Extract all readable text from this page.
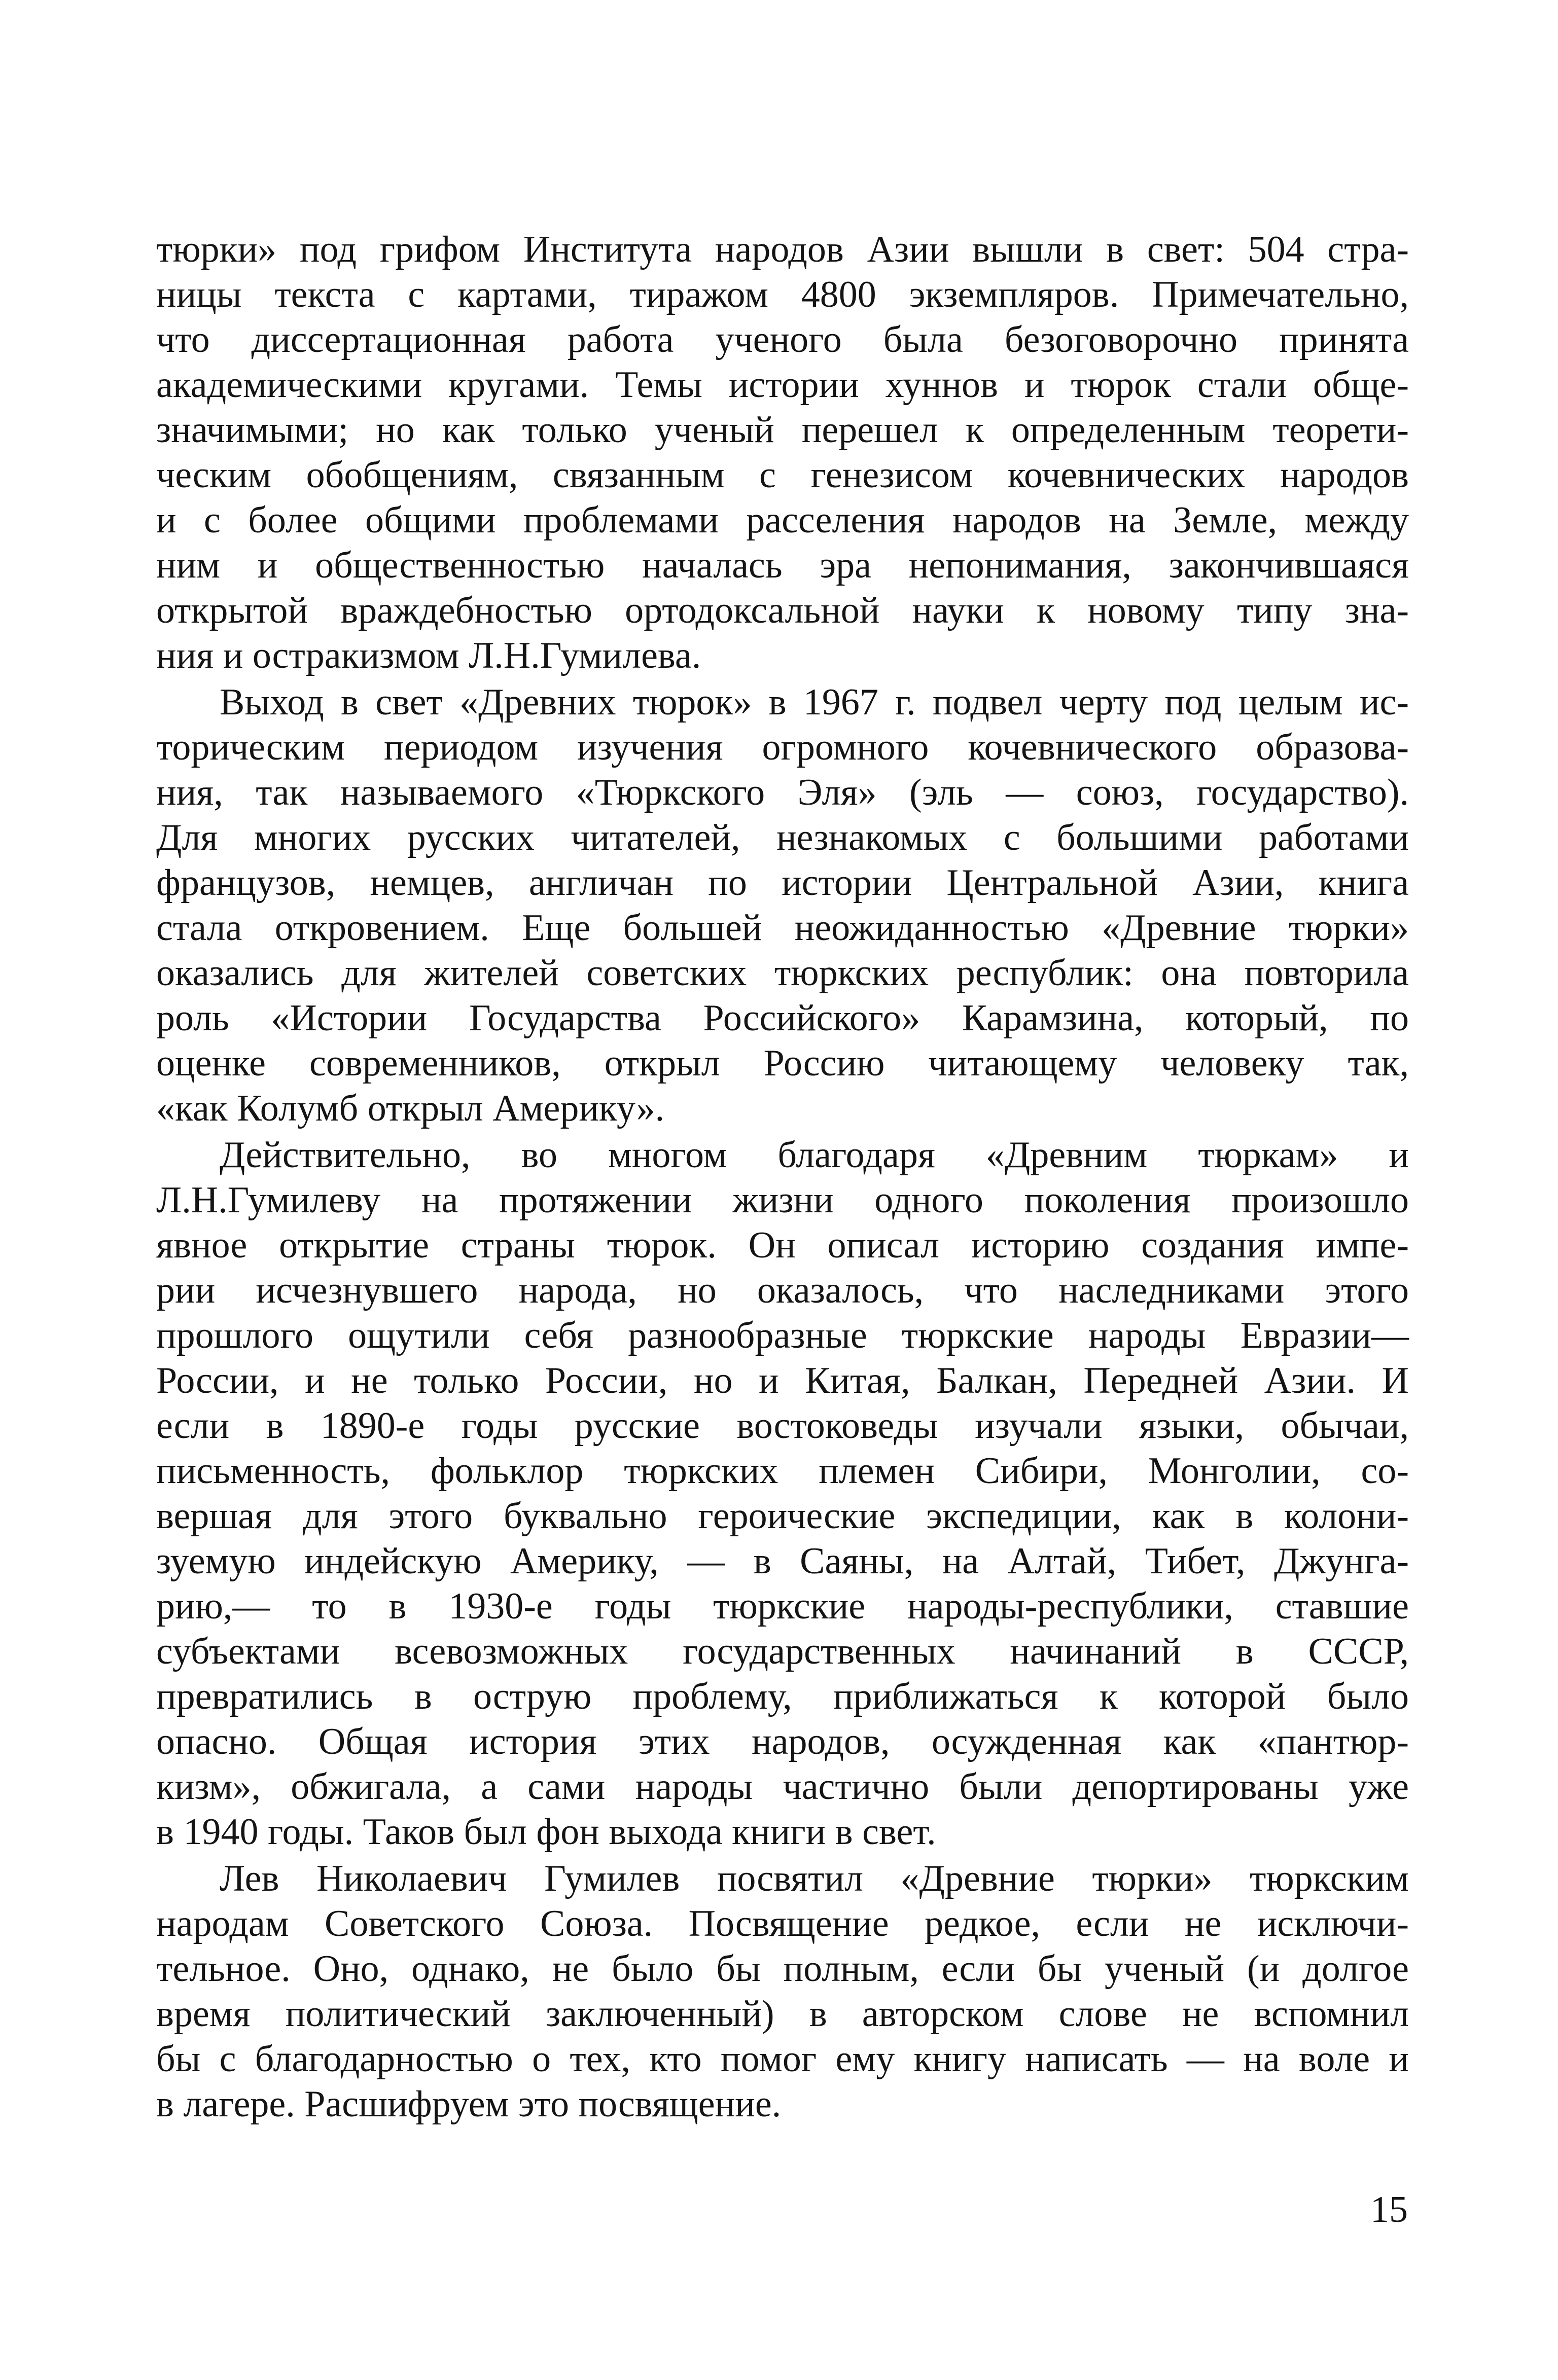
тюрки» под грифом Института народов Азии вышли в свет: 504 стра-
ницы текста с картами, тиражом 4800 экземпляров. Примечательно,
что диссертационная работа ученого была безоговорочно принята
академическими кругами. Темы истории хуннов и тюрок стали обще-
значимыми; но как только ученый перешел к определенным теорети-
ческим обобщениям, связанным с генезисом кочевнических народов
и с более общими проблемами расселения народов на Земле, между
ним и общественностью началась эра непонимания, закончившаяся
открытой враждебностью ортодоксальной науки к новому типу зна-
ния и остракизмом Л.Н.Гумилева.
Выход в свет «Древних тюрок» в 1967 г. подвел черту под целым ис-
торическим периодом изучения огромного кочевнического образова-
ния, так называемого «Тюркского Эля» (эль — союз, государство).
Для многих русских читателей, незнакомых с большими работами
французов, немцев, англичан по истории Центральной Азии, книга
стала откровением. Еще большей неожиданностью «Древние тюрки»
оказались для жителей советских тюркских республик: она повторила
роль «Истории Государства Российского» Карамзина, который, по
оценке современников, открыл Россию читающему человеку так,
«как Колумб открыл Америку».
Действительно, во многом благодаря «Древним тюркам» и
Л.Н.Гумилеву на протяжении жизни одного поколения произошло
явное открытие страны тюрок. Он описал историю создания импе-
рии исчезнувшего народа, но оказалось, что наследниками этого
прошлого ощутили себя разнообразные тюркские народы Евразии—
России, и не только России, но и Китая, Балкан, Передней Азии. И
если в 1890-е годы русские востоковеды изучали языки, обычаи,
письменность, фольклор тюркских племен Сибири, Монголии, со-
вершая для этого буквально героические экспедиции, как в колони-
зуемую индейскую Америку, — в Саяны, на Алтай, Тибет, Джунга-
рию,— то в 1930-е годы тюркские народы-республики, ставшие
субъектами всевозможных государственных начинаний в СССР,
превратились в острую проблему, приближаться к которой было
опасно. Общая история этих народов, осужденная как «пантюр-
кизм», обжигала, а сами народы частично были депортированы уже
в 1940 годы. Таков был фон выхода книги в свет.
Лев Николаевич Гумилев посвятил «Древние тюрки» тюркским
народам Советского Союза. Посвящение редкое, если не исключи-
тельное. Оно, однако, не было бы полным, если бы ученый (и долгое
время политический заключенный) в авторском слове не вспомнил
бы с благодарностью о тех, кто помог ему книгу написать — на воле и
в лагере. Расшифруем это посвящение.
15
